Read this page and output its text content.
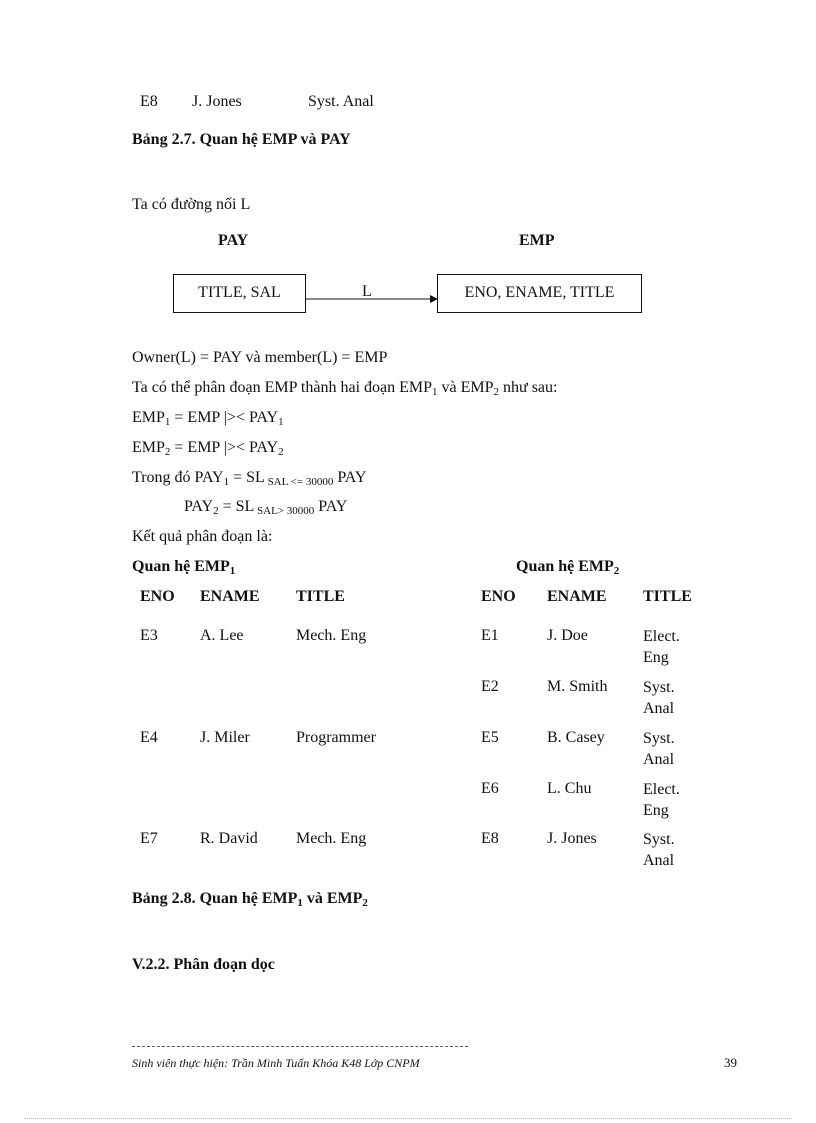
E8 J. Jones	Syst. Anal
Bảng 2.7. Quan hệ EMP và PAY
Ta có đường nối L
PAY	EMP
TITLE, SAL	ENO, ENAME, TITLE
L
Owner(L) = PAY và member(L) = EMP
Ta có thể phân đoạn EMP thành hai đoạn $EMP_1$ và $EMP_2$ như sau:
$EMP_1$ = EMP |>< $PAY_1$
$EMP_2$ = EMP |>< $PAY_2$
Trong đó $PAY_1$ = SL $_{SAL <= 30000}$ PAY
$PAY_2$ = SL $_{SAL> 30000}$ PAY
Kết quả phân đoạn là:
Quan hệ $EMP_1$
ENO ENAME TITLE
E3	A. Lee	Mech. Eng
E4	J. Miler	Programmer
E7	R. David Mech. Eng
Quan hệ $EMP_2$
ENO ENAME TITLE
E1	J. Doe	Elect. Eng
E2	M. Smith Syst. Anal
E5	B. Casey Syst. Anal
E6	L. Chu	Elect. Eng
E8	J. Jones	Syst. Anal
Bảng 2.8. Quan hệ $EMP_1$ và $EMP_2$
V.2.2. Phân đoạn dọc
Sinh viên thực hiện: Trần Minh Tuấn Khóa K48 Lớp CNPM	39
